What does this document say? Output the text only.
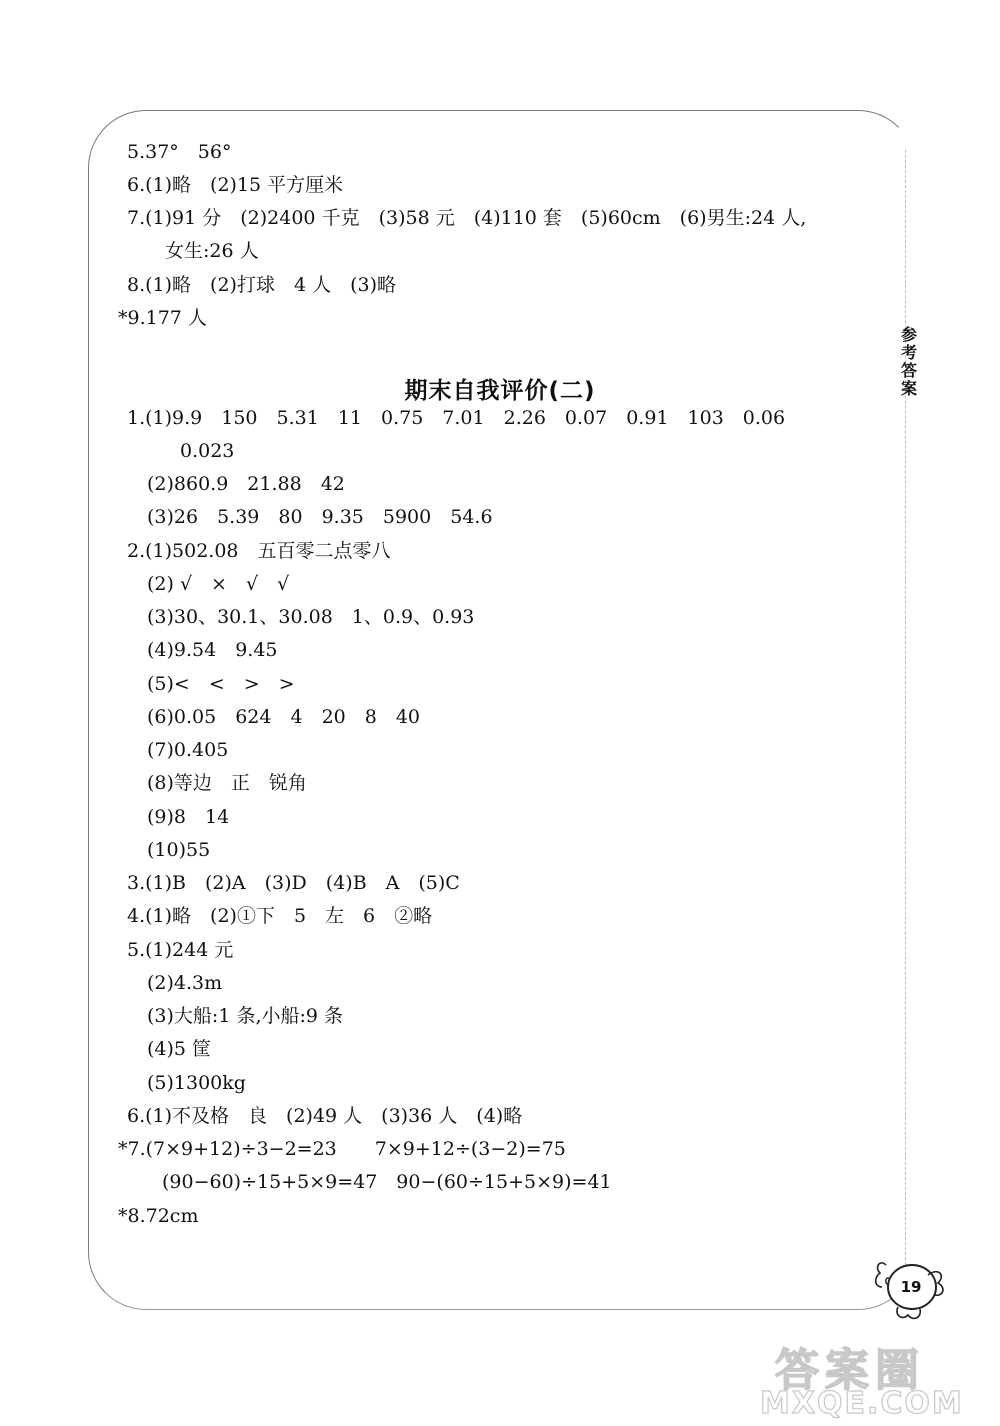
5.37°　56°
6.(1)略　(2)15 平方厘米
7.(1)91 分　(2)2400 千克　(3)58 元　(4)110 套　(5)60cm　(6)男生:24 人,
女生:26 人
8.(1)略　(2)打球　4 人　(3)略
*9.177 人
参
考
答
案
期末自我评价(二)
1.(1)9.9　150　5.31　11　0.75　7.01　2.26　0.07　0.91　103　0.06
0.023
(2)860.9　21.88　42
(3)26　5.39　80　9.35　5900　54.6
2.(1)502.08　五百零二点零八
(2) √　×　√　√
(3)30、30.1、30.08　1、0.9、0.93
(4)9.54　9.45
(5)<　<　>　>
(6)0.05　624　4　20　8　40
(7)0.405
(8)等边　正　锐角
(9)8　14
(10)55
3.(1)B　(2)A　(3)D　(4)B　A　(5)C
4.(1)略　(2)①下　5　左　6　②略
5.(1)244 元
(2)4.3m
(3)大船:1 条,小船:9 条
(4)5 筐
(5)1300kg
6.(1)不及格　良　(2)49 人　(3)36 人　(4)略
*7.(7×9+12)÷3−2=23　　7×9+12÷(3−2)=75
(90−60)÷15+5×9=47　90−(60÷15+5×9)=41
*8.72cm
19
答案圈
MXQE.COM
